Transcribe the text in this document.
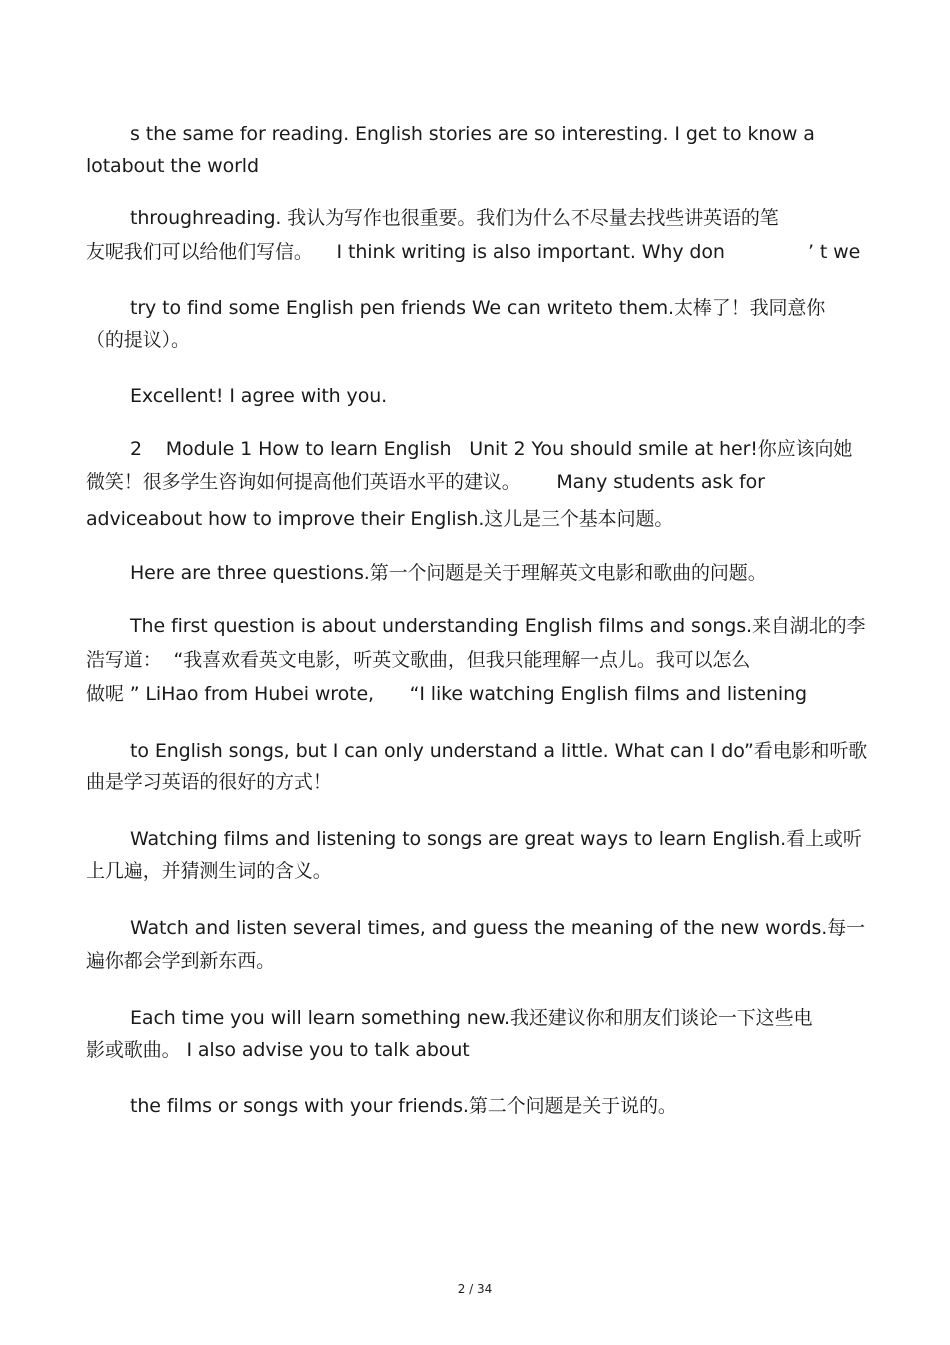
s the same for reading. English stories are so interesting. I get to know a
lotabout the world
throughreading. 我认为写作也很重要。我们为什么不尽量去找些讲英语的笔
友呢我们可以给他们写信。    I think writing is also important. Why don              ’ t we
try to find some English pen friends We can writeto them.太棒了！我同意你
（的提议）。
Excellent! I agree with you.
2    Module 1 How to learn English   Unit 2 You should smile at her!你应该向她
微笑！很多学生咨询如何提高他们英语水平的建议。      Many students ask for
adviceabout how to improve their English.这儿是三个基本问题。
Here are three questions.第一个问题是关于理解英文电影和歌曲的问题。
The first question is about understanding English films and songs.来自湖北的李
浩写道：  “我喜欢看英文电影，听英文歌曲，但我只能理解一点儿。我可以怎么
做呢 ” LiHao from Hubei wrote,      “I like watching English films and listening
to English songs, but I can only understand a little. What can I do”看电影和听歌
曲是学习英语的很好的方式！
Watching films and listening to songs are great ways to learn English.看上或听
上几遍，并猜测生词的含义。
Watch and listen several times, and guess the meaning of the new words.每一
遍你都会学到新东西。
Each time you will learn something new.我还建议你和朋友们谈论一下这些电
影或歌曲。 I also advise you to talk about
the films or songs with your friends.第二个问题是关于说的。
2 / 34
